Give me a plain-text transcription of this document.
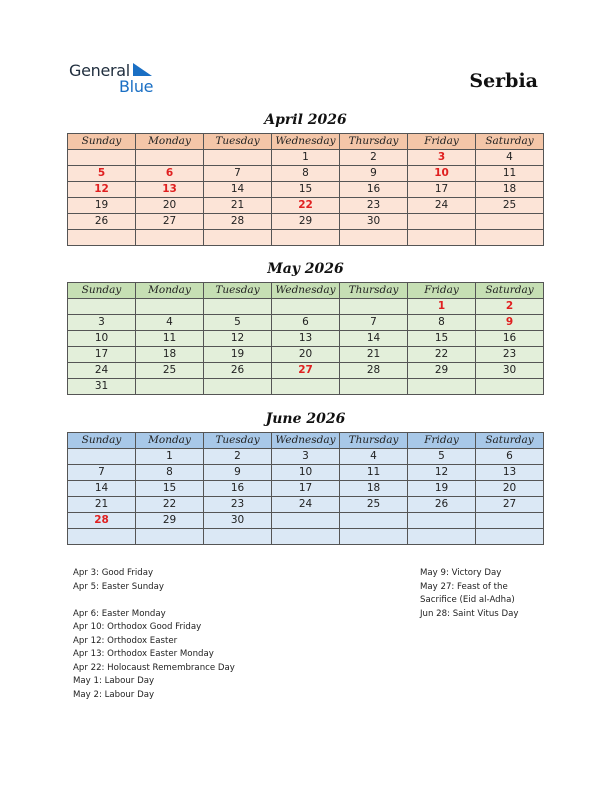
General
Blue	Serbia
April 2026
Sunday	Monday	Tuesday	Wednesday	Thursday	Friday	Saturday
			1	2	3	4
5	6	7	8	9	10	11
12	13	14	15	16	17	18
19	20	21	22	23	24	25
26	27	28	29	30		

May 2026
Sunday	Monday	Tuesday	Wednesday	Thursday	Friday	Saturday
					1	2
3	4	5	6	7	8	9
10	11	12	13	14	15	16
17	18	19	20	21	22	23
24	25	26	27	28	29	30
31						
June 2026
Sunday	Monday	Tuesday	Wednesday	Thursday	Friday	Saturday
	1	2	3	4	5	6
7	8	9	10	11	12	13
14	15	16	17	18	19	20
21	22	23	24	25	26	27
28	29	30				

Apr 3: Good Friday
Apr 5: Easter Sunday

Apr 6: Easter Monday
Apr 10: Orthodox Good Friday
Apr 12: Orthodox Easter
Apr 13: Orthodox Easter Monday
Apr 22: Holocaust Remembrance Day
May 1: Labour Day
May 2: Labour Day
May 9: Victory Day
May 27: Feast of the
Sacrifice (Eid al-Adha)
Jun 28: Saint Vitus Day
